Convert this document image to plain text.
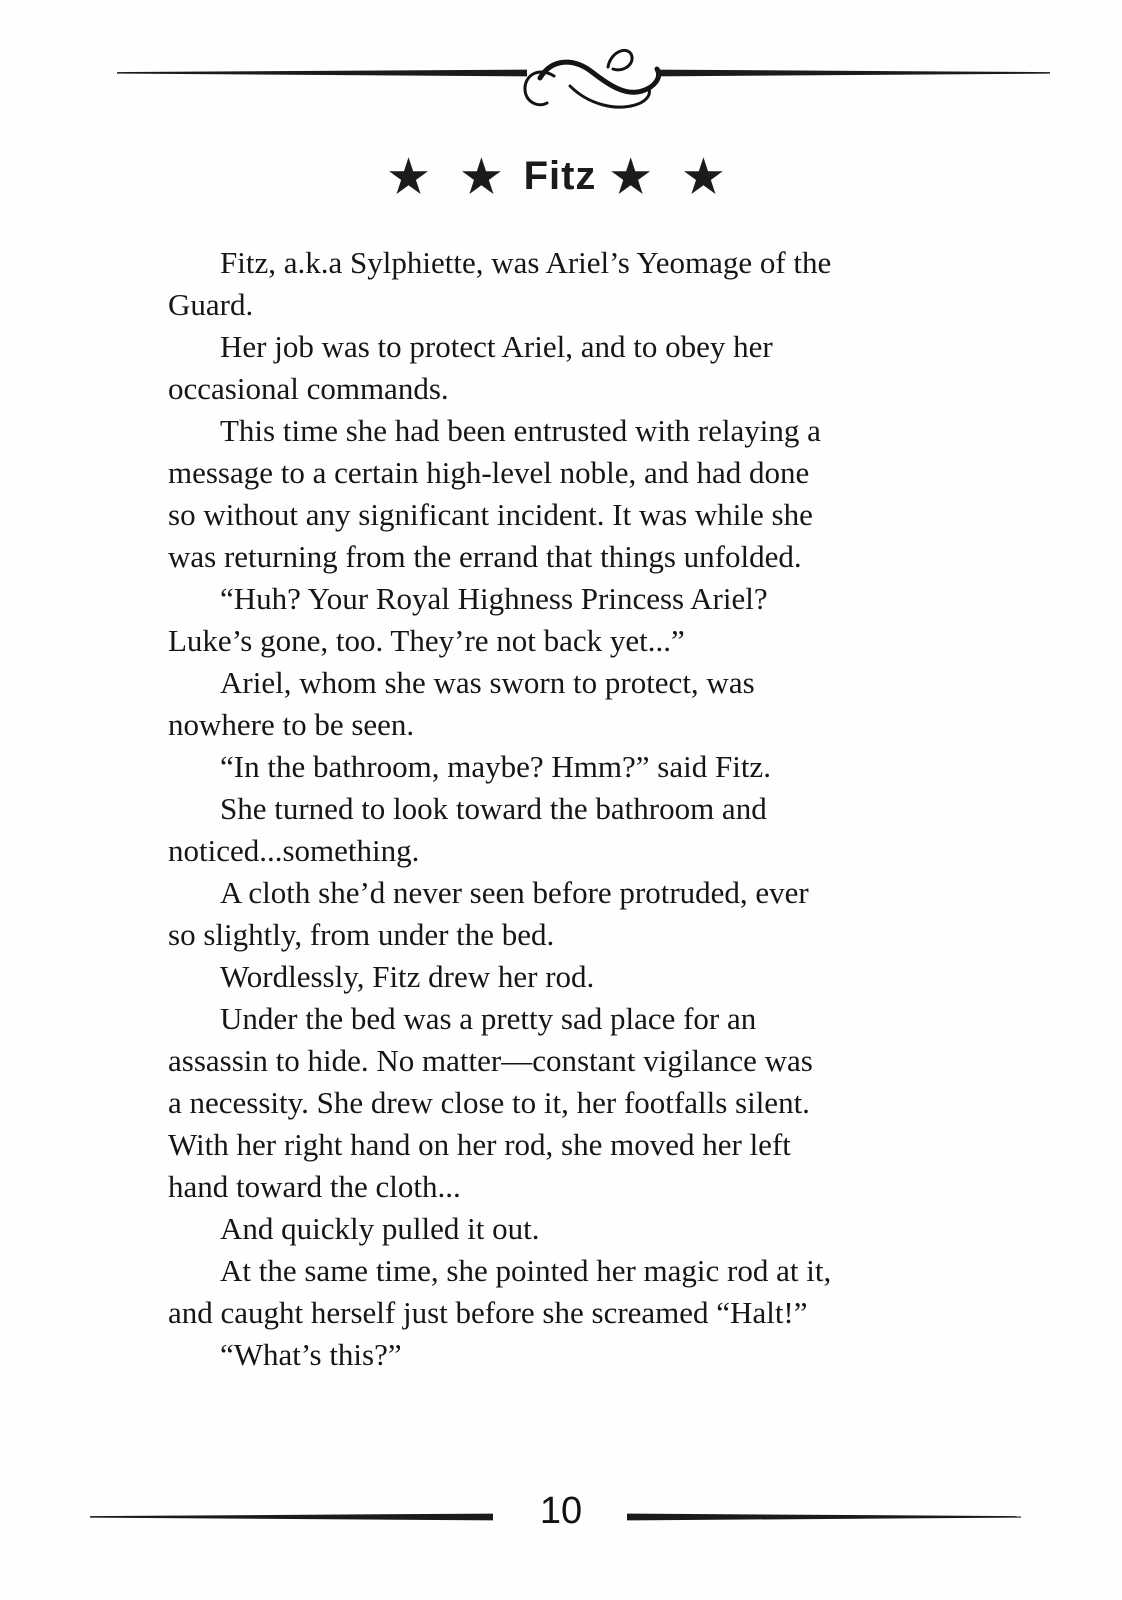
★ ★ Fitz ★ ★

Fitz, a.k.a Sylphiette, was Ariel’s Yeomage of the
Guard.

Her job was to protect Ariel, and to obey her
occasional commands.

This time she had been entrusted with relaying a
message to a certain high-level noble, and had done
so without any significant incident. It was while she
was returning from the errand that things unfolded.

“Huh? Your Royal Highness Princess Ariel?
Luke’s gone, too. They’re not back yet...”

Ariel, whom she was sworn to protect, was
nowhere to be seen.

“In the bathroom, maybe? Hmm?” said Fitz.

She turned to look toward the bathroom and
noticed...something.

A cloth she’d never seen before protruded, ever
so slightly, from under the bed.

Wordlessly, Fitz drew her rod.

Under the bed was a pretty sad place for an
assassin to hide. No matter—constant vigilance was
a necessity. She drew close to it, her footfalls silent.
With her right hand on her rod, she moved her left
hand toward the cloth...

And quickly pulled it out.

At the same time, she pointed her magic rod at it,
and caught herself just before she screamed “Halt!”

“What’s this?”

10
